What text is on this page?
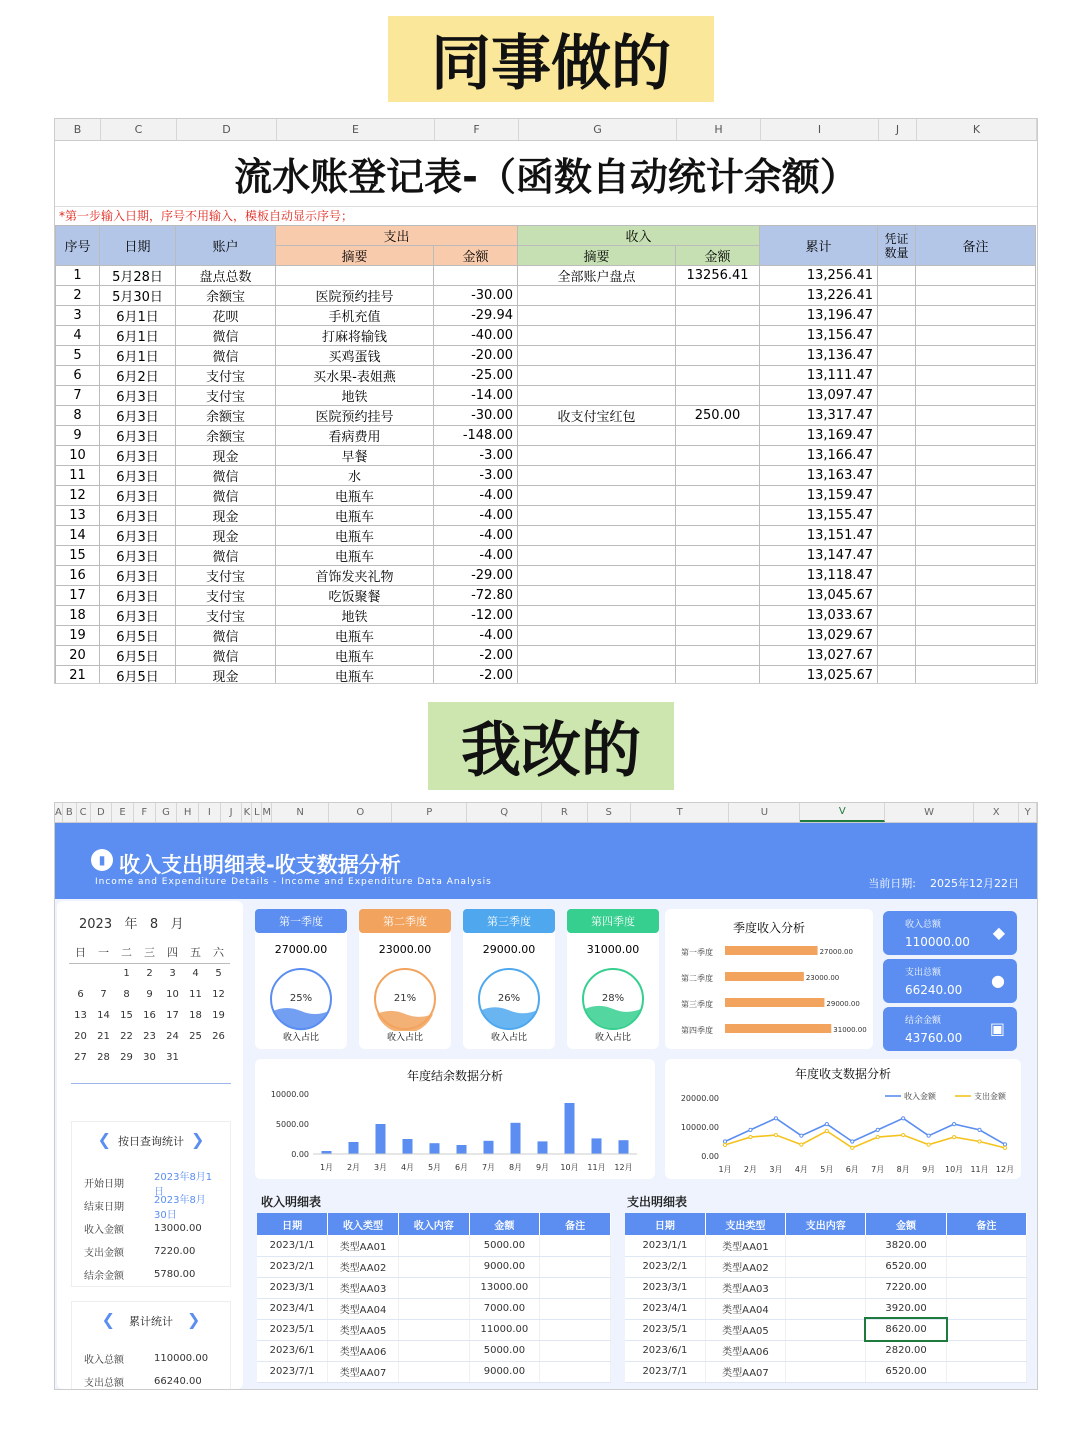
同事做的
B	C	D	E	F	G	H	I	J	K
流水账登记表-（函数自动统计余额）
*第一步输入日期，序号不用输入，模板自动显示序号；
序号	日期	账户	支出		收入		累计	凭证数量	备注
			摘要	金额	摘要	金额			
1	5月28日	盘点总数			全部账户盘点	13256.41	13,256.41		
2	5月30日	余额宝	医院预约挂号	-30.00			13,226.41		
3	6月1日	花呗	手机充值	-29.94			13,196.47		
4	6月1日	微信	打麻将输钱	-40.00			13,156.47		
5	6月1日	微信	买鸡蛋钱	-20.00			13,136.47		
6	6月2日	支付宝	买水果-表姐燕	-25.00			13,111.47		
7	6月3日	支付宝	地铁	-14.00			13,097.47		
8	6月3日	余额宝	医院预约挂号	-30.00	收支付宝红包	250.00	13,317.47		
9	6月3日	余额宝	看病费用	-148.00			13,169.47		
10	6月3日	现金	早餐	-3.00			13,166.47		
11	6月3日	微信	水	-3.00			13,163.47		
12	6月3日	微信	电瓶车	-4.00			13,159.47		
13	6月3日	现金	电瓶车	-4.00			13,155.47		
14	6月3日	现金	电瓶车	-4.00			13,151.47		
15	6月3日	微信	电瓶车	-4.00			13,147.47		
16	6月3日	支付宝	首饰发夹礼物	-29.00			13,118.47		
17	6月3日	支付宝	吃饭聚餐	-72.80			13,045.67		
18	6月3日	支付宝	地铁	-12.00			13,033.67		
19	6月5日	微信	电瓶车	-4.00			13,029.67		
20	6月5日	微信	电瓶车	-2.00			13,027.67		
21	6月5日	现金	电瓶车	-2.00			13,025.67		

我改的
A B C	D	E	F	G	H	I	J	K L M	N	O	P	Q	R	S	T	U	V	W	X	Y
▮ 收入支出明细表-收支数据分析
Income and Expenditure Details - Income and Expenditure Data Analysis	当前日期: 2025年12月22日
2023 年 8 月
日	一	二	三	四	五	六
		1	2	3	4	5
6	7	8	9	10	11	12
13	14	15	16	17	18	19
20	21	22	23	24	25	26
27	28	29	30	31		
❮ 按日查询统计 ❯
开始日期
2023年8月1日
结束日期
2023年8月30日
收入金额	13000.00
支出金额	7220.00
结余金额	5780.00
❮ 累计统计 ❯
收入总额	110000.00
支出总额	66240.00
第一季度
27000.00
25%
收入占比
第二季度
23000.00
21%
收入占比
第三季度
29000.00
26%
收入占比
第四季度
31000.00
28%
收入占比
季度收入分析
第一季度	27000.00
第二季度	23000.00
第三季度	29000.00
第四季度	31000.00
收入总额
110000.00 ◆
支出总额
66240.00 ●
结余金额
43760.00 ▣
年度结余数据分析
10000.00
5000.00
0.00
1月 2月 3月 4月 5月 6月 7月 8月 9月 10月 11月 12月
年度收支数据分析
20000.00
10000.00
0.00
收入金额	支出金额
1月 2月 3月 4月 5月 6月 7月 8月 9月 10月 11月 12月
收入明细表	支出明细表
日期	收入类型	收入内容	金额	备注
2023/1/1	类型AA01		5000.00	
2023/2/1	类型AA02		9000.00	
2023/3/1	类型AA03		13000.00	
2023/4/1	类型AA04		7000.00	
2023/5/1	类型AA05		11000.00	
2023/6/1	类型AA06		5000.00	
2023/7/1	类型AA07		9000.00	
日期	支出类型	支出内容	金额	备注
2023/1/1	类型AA01		3820.00	
2023/2/1	类型AA02		6520.00	
2023/3/1	类型AA03		7220.00	
2023/4/1	类型AA04		3920.00	
2023/5/1	类型AA05		8620.00	
2023/6/1	类型AA06		2820.00	
2023/7/1	类型AA07		6520.00	
